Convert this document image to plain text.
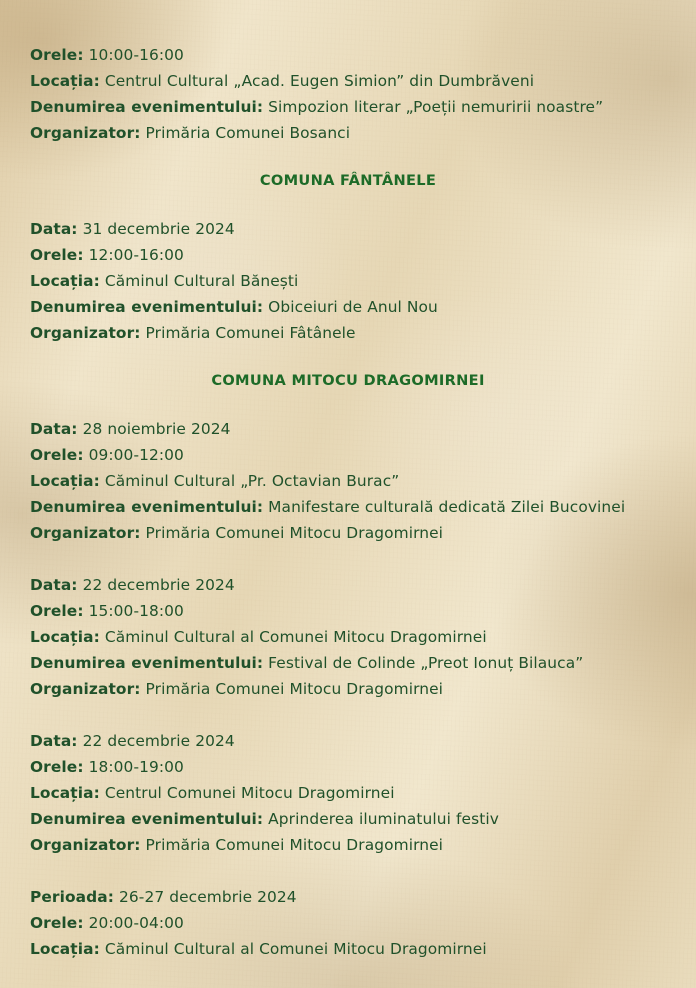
Orele: 10:00-16:00
Locația: Centrul Cultural „Acad. Eugen Simion” din Dumbrăveni
Denumirea evenimentului: Simpozion literar „Poeții nemuririi noastre”
Organizator: Primăria Comunei Bosanci
COMUNA FÂNTÂNELE
Data: 31 decembrie 2024
Orele: 12:00-16:00
Locația: Căminul Cultural Bănești
Denumirea evenimentului: Obiceiuri de Anul Nou
Organizator: Primăria Comunei Fâtânele
COMUNA MITOCU DRAGOMIRNEI
Data: 28 noiembrie 2024
Orele: 09:00-12:00
Locația: Căminul Cultural „Pr. Octavian Burac”
Denumirea evenimentului: Manifestare culturală dedicată Zilei Bucovinei
Organizator: Primăria Comunei Mitocu Dragomirnei
Data: 22 decembrie 2024
Orele: 15:00-18:00
Locația: Căminul Cultural al Comunei Mitocu Dragomirnei
Denumirea evenimentului: Festival de Colinde „Preot Ionuț Bilauca”
Organizator: Primăria Comunei Mitocu Dragomirnei
Data: 22 decembrie 2024
Orele: 18:00-19:00
Locația: Centrul Comunei Mitocu Dragomirnei
Denumirea evenimentului: Aprinderea iluminatului festiv
Organizator: Primăria Comunei Mitocu Dragomirnei
Perioada: 26-27 decembrie 2024
Orele: 20:00-04:00
Locația: Căminul Cultural al Comunei Mitocu Dragomirnei
